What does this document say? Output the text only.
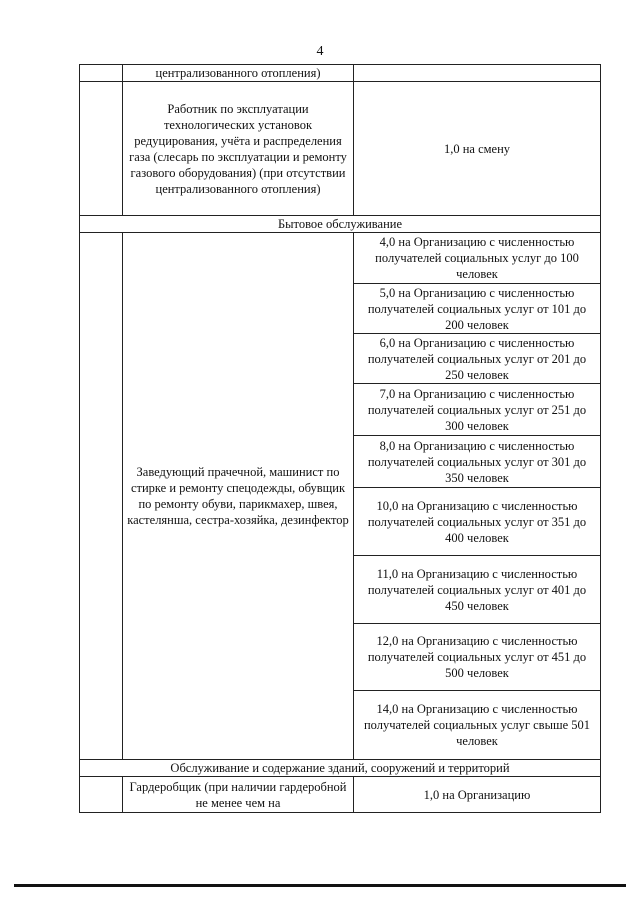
4
	централизованного отопления)	
	Работник по эксплуатации технологических установок редуцирования, учёта и распределения газа (слесарь по эксплуатации и ремонту газового оборудования) (при отсутствии централизованного отопления)	1,0 на смену
Бытовое обслуживание		
	Заведующий прачечной, машинист по стирке и ремонту спецодежды, обувщик по ремонту обуви, парикмахер, швея, кастелянша, сестра-хозяйка, дезинфектор	4,0 на Организацию с численностью получателей социальных услуг до 100 человек
		5,0 на Организацию с численностью получателей социальных услуг от 101 до 200 человек
		6,0 на Организацию с численностью получателей социальных услуг от 201 до 250 человек
		7,0 на Организацию с численностью получателей социальных услуг от 251 до 300 человек
		8,0 на Организацию с численностью получателей социальных услуг от 301 до 350 человек
		10,0 на Организацию с численностью получателей социальных услуг от 351 до 400 человек
		11,0 на Организацию с численностью получателей социальных услуг от 401 до 450 человек
		12,0 на Организацию с численностью получателей социальных услуг от 451 до 500 человек
		14,0 на Организацию с численностью получателей социальных услуг свыше 501 человек
Обслуживание и содержание зданий, сооружений и территорий		
	Гардеробщик (при наличии гардеробной не менее чем на	1,0 на Организацию
